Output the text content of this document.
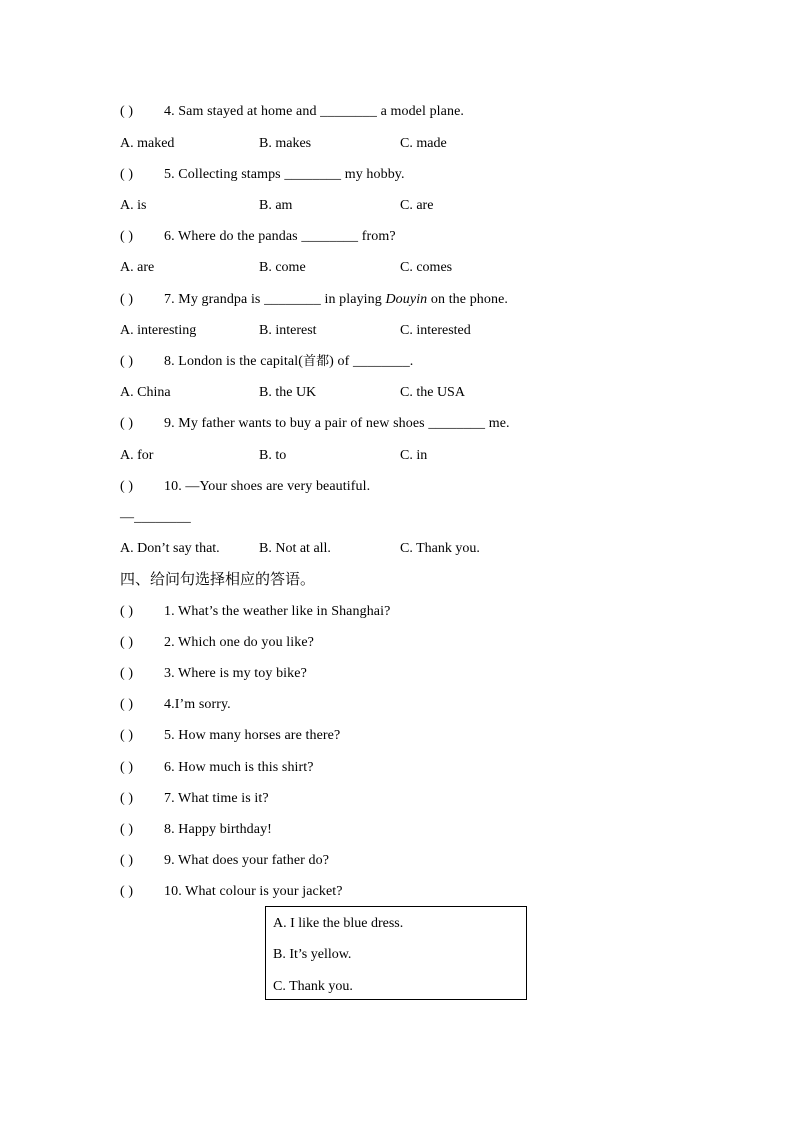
( ) 4. Sam stayed at home and ________ a model plane.
A. maked	B. makes	C. made
( ) 5. Collecting stamps ________ my hobby.
A. is	B. am	C. are
( ) 6. Where do the pandas ________ from?
A. are	B. come	C. comes
( ) 7. My grandpa is ________ in playing Douyin on the phone.
A. interesting	B. interest	C. interested
( ) 8. London is the capital(首都) of ________.
A. China	B. the UK	C. the USA
( ) 9. My father wants to buy a pair of new shoes ________ me.
A. for	B. to	C. in
( ) 10. —Your shoes are very beautiful.
—________
A. Don’t say that.	B. Not at all.	C. Thank you.
四、给问句选择相应的答语。
( ) 1. What’s the weather like in Shanghai?
( ) 2. Which one do you like?
( ) 3. Where is my toy bike?
( ) 4.I’m sorry.
( ) 5. How many horses are there?
( ) 6. How much is this shirt?
( ) 7. What time is it?
( ) 8. Happy birthday!
( ) 9. What does your father do?
( ) 10. What colour is your jacket?
A. I like the blue dress.
B. It’s yellow.
C. Thank you.
